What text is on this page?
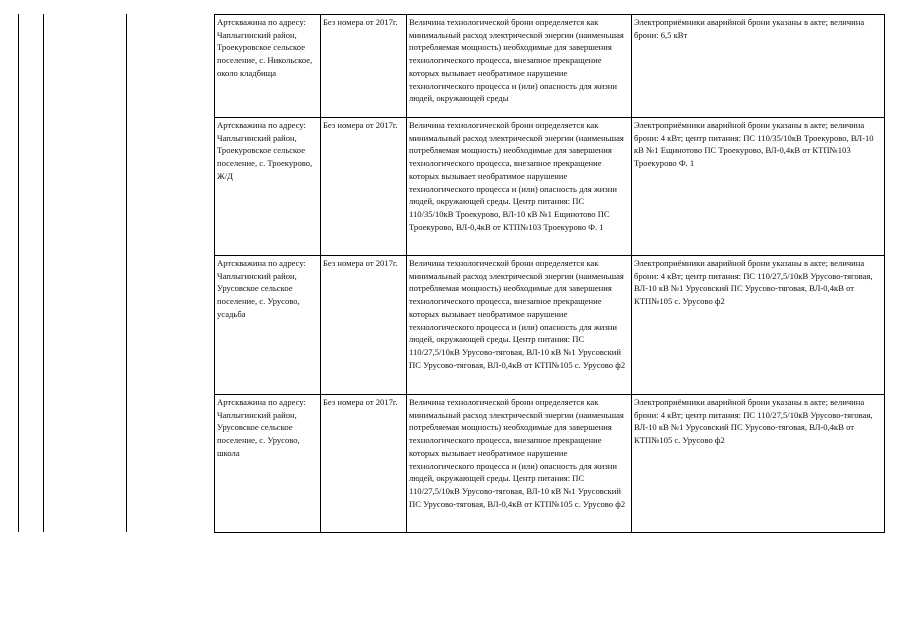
Артскважина по адресу: Чаплыгинский район, Троекуровское сельское поселение, с. Никольское, около кладбища	Без номера от 2017г.	Величина технологической брони определяется как минимальный расход электрической энергии (наименьшая потребляемая мощность) необходимые для завершения технологического процесса, внезапное прекращение которых вызывает необратимое нарушение технологического процесса и (или) опасность для жизни людей, окружающей среды	Электроприёмники аварийной брони указаны в акте; величина брони: 6,5 кВт

Артскважина по адресу: Чаплыгинский район, Троекуровское сельское поселение, с. Троекурово, Ж/Д	Без номера от 2017г.	Величина технологической брони определяется как минимальный расход электрической энергии (наименьшая потребляемая мощность) необходимые для завершения технологического процесса, внезапное прекращение которых вызывает необратимое нарушение технологического процесса и (или) опасность для жизни людей, окружающей среды. Центр питания: ПС 110/35/10кВ Троекурово, ВЛ-10 кВ №1 Ещинотово ПС Троекурово, ВЛ-0,4кВ от КТП№103 Троекурово Ф. 1	Электроприёмники аварийной брони указаны в акте; величина брони: 4 кВт; центр питания: ПС 110/35/10кВ Троекурово, ВЛ-10 кВ №1 Ещинотово ПС Троекурово, ВЛ-0,4кВ от КТП№103 Троекурово Ф. 1

Артскважина по адресу: Чаплыгинский район, Урусовское сельское поселение, с. Урусово, усадьба	Без номера от 2017г.	Величина технологической брони определяется как минимальный расход электрической энергии (наименьшая потребляемая мощность) необходимые для завершения технологического процесса, внезапное прекращение которых вызывает необратимое нарушение технологического процесса и (или) опасность для жизни людей, окружающей среды. Центр питания: ПС 110/27,5/10кВ Урусово-тяговая, ВЛ-10 кВ №1 Урусовский ПС Урусово-тяговая, ВЛ-0,4кВ от КТП№105 с. Урусово ф2	Электроприёмники аварийной брони указаны в акте; величина брони: 4 кВт; центр питания: ПС 110/27,5/10кВ Урусово-тяговая, ВЛ-10 кВ №1 Урусовский ПС Урусово-тяговая, ВЛ-0,4кВ от КТП№105 с. Урусово ф2

Артскважина по адресу: Чаплыгинский район, Урусовское сельское поселение, с. Урусово, школа	Без номера от 2017г.	Величина технологической брони определяется как минимальный расход электрической энергии (наименьшая потребляемая мощность) необходимые для завершения технологического процесса, внезапное прекращение которых вызывает необратимое нарушение технологического процесса и (или) опасность для жизни людей, окружающей среды. Центр питания: ПС 110/27,5/10кВ Урусово-тяговая, ВЛ-10 кВ №1 Урусовский ПС Урусово-тяговая, ВЛ-0,4кВ от КТП№105 с. Урусово ф2	Электроприёмники аварийной брони указаны в акте; величина брони: 4 кВт; центр питания: ПС 110/27,5/10кВ Урусово-тяговая, ВЛ-10 кВ №1 Урусовский ПС Урусово-тяговая, ВЛ-0,4кВ от КТП№105 с. Урусово ф2
